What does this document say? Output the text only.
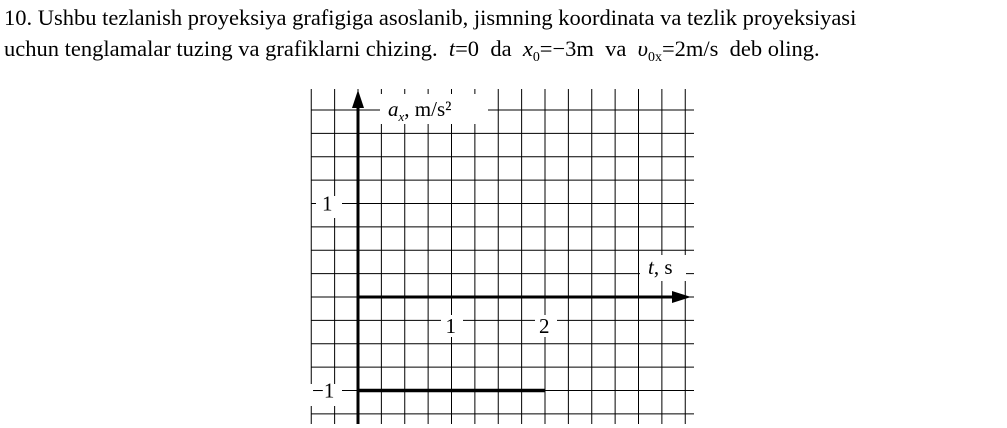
10. Ushbu tezlanish proyeksiya grafigiga asoslanib, jismning koordinata va tezlik proyeksiyasi
uchun tenglamalar tuzing va grafiklarni chizing. t=0 da $x_0=-3m$ va $\upsilon_{0x}=2m/s$ deb oling.
$a_x$, m/s²
t, s
1	2
1
−1
